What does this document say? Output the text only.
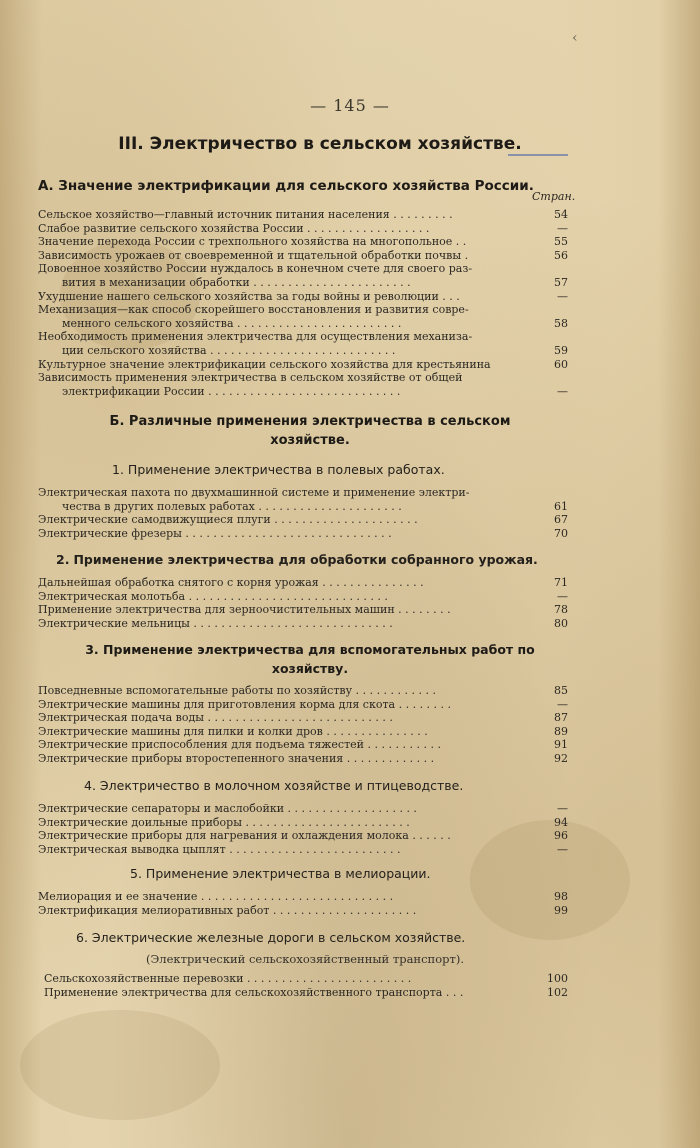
‹
— 145 —
III. Электричество в сельском хозяйстве.
А. Значение электрификации для сельского хозяйства России.
Стран.
Сельское хозяйство—главный источник питания населения . . . . . . . . .	54
Слабое развитие сельского хозяйства России . . . . . . . . . . . . . . . . . .	—
Значение перехода России с трехпольного хозяйства на многопольное . .	55
Зависимость урожаев от своевременной и тщательной обработки почвы .	56
Довоенное хозяйство России нуждалось в конечном счете для своего раз-
вития в механизации обработки . . . . . . . . . . . . . . . . . . . . . . .	57
Ухудшение нашего сельского хозяйства за годы войны и революции . . .	—
Механизация—как способ скорейшего восстановления и развития совре-
менного сельского хозяйства . . . . . . . . . . . . . . . . . . . . . . . .	58
Необходимость применения электричества для осуществления механиза-
ции сельского хозяйства . . . . . . . . . . . . . . . . . . . . . . . . . . .	59
Культурное значение электрификации сельского хозяйства для крестьянина	60
Зависимость применения электричества в сельском хозяйстве от общей
электрификации России . . . . . . . . . . . . . . . . . . . . . . . . . . . .	—
Б. Различные применения электричества в сельском
хозяйстве.
1. Применение электричества в полевых работах.
Электрическая пахота по двухмашинной системе и применение электри-
чества в других полевых работах . . . . . . . . . . . . . . . . . . . . .	61
Электрические самодвижущиеся плуги . . . . . . . . . . . . . . . . . . . . .	67
Электрические фрезеры . . . . . . . . . . . . . . . . . . . . . . . . . . . . . .	70
2. Применение электричества для обработки собранного урожая.
Дальнейшая обработка снятого с корня урожая . . . . . . . . . . . . . . .	71
Электрическая молотьба . . . . . . . . . . . . . . . . . . . . . . . . . . . . .	—
Применение электричества для зерноочистительных машин . . . . . . . .	78
Электрические мельницы . . . . . . . . . . . . . . . . . . . . . . . . . . . . .	80
3. Применение электричества для вспомогательных работ по
хозяйству.
Повседневные вспомогательные работы по хозяйству . . . . . . . . . . . .	85
Электрические машины для приготовления корма для скота . . . . . . . .	—
Электрическая подача воды . . . . . . . . . . . . . . . . . . . . . . . . . . .	87
Электрические машины для пилки и колки дров . . . . . . . . . . . . . . .	89
Электрические приспособления для подъема тяжестей . . . . . . . . . . .	91
Электрические приборы второстепенного значения . . . . . . . . . . . . .	92
4. Электричество в молочном хозяйстве и птицеводстве.
Электрические сепараторы и маслобойки . . . . . . . . . . . . . . . . . . .	—
Электрические доильные приборы . . . . . . . . . . . . . . . . . . . . . . . .	94
Электрические приборы для нагревания и охлаждения молока . . . . . .	96
Электрическая выводка цыплят . . . . . . . . . . . . . . . . . . . . . . . . .	—
5. Применение электричества в мелиорации.
Мелиорация и ее значение . . . . . . . . . . . . . . . . . . . . . . . . . . . .	98
Электрификация мелиоративных работ . . . . . . . . . . . . . . . . . . . . .	99
6. Электрические железные дороги в сельском хозяйстве.
(Электрический сельскохозяйственный транспорт).
Сельскохозяйственные перевозки . . . . . . . . . . . . . . . . . . . . . . . .	100
Применение электричества для сельскохозяйственного транспорта . . .	102
